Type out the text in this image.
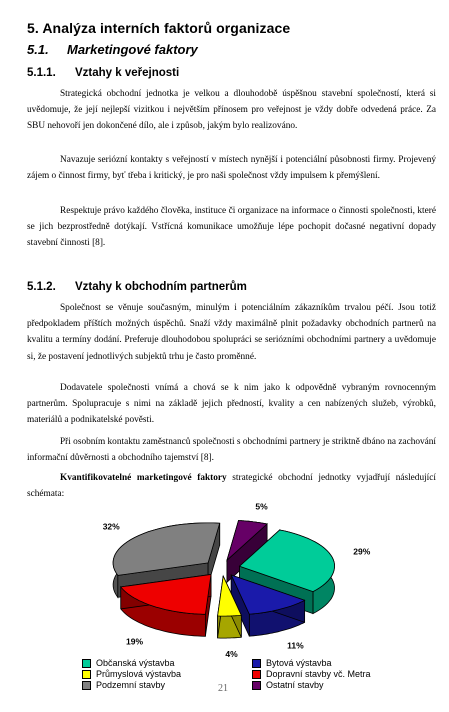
5. Analýza interních faktorů organizace
5.1. Marketingové faktory
5.1.1. Vztahy k veřejnosti

Strategická obchodní jednotka je velkou a dlouhodobě úspěšnou stavební společností, která si uvědomuje, že její nejlepší vizitkou i největším přínosem pro veřejnost je vždy dobře odvedená práce. Za SBU nehovoří jen dokončené dílo, ale i způsob, jakým bylo realizováno.

Navazuje seriózní kontakty s veřejností v místech nynější i potenciální působnosti firmy. Projevený zájem o činnost firmy, byť třeba i kritický, je pro naši společnost vždy impulsem k přemýšlení.

Respektuje právo každého člověka, instituce či organizace na informace o činnosti společnosti, které se jich bezprostředně dotýkají. Vstřícná komunikace umožňuje lépe pochopit dočasné negativní dopady stavební činnosti [8].

5.1.2. Vztahy k obchodním partnerům

Společnost se věnuje současným, minulým i potenciálním zákazníkům trvalou péčí. Jsou totiž předpokladem příštích možných úspěchů. Snaží vždy maximálně plnit požadavky obchodních partnerů na kvalitu a termíny dodání. Preferuje dlouhodobou spolupráci se seriózními obchodními partnery a uvědomuje si, že postavení jednotlivých subjektů trhu je často proměnné.

Dodavatele společnosti vnímá a chová se k nim jako k odpovědně vybraným rovnocenným partnerům. Spolupracuje s nimi na základě jejich předností, kvality a cen nabízených služeb, výrobků, materiálů a podnikatelské pověsti.

Při osobním kontaktu zaměstnanců společnosti s obchodními partnery je striktně dbáno na zachování informační důvěrnosti a obchodního tajemství [8].

Kvantifikovatelné marketingové faktory strategické obchodní jednotky vyjadřují následující schémata:

29%
11%
4%
19%
32%
5%
Občanská výstavba	Bytová výstavba
Průmyslová výstavba	Dopravní stavby vč. Metra
Podzemní stavby	Ostatní stavby
21
